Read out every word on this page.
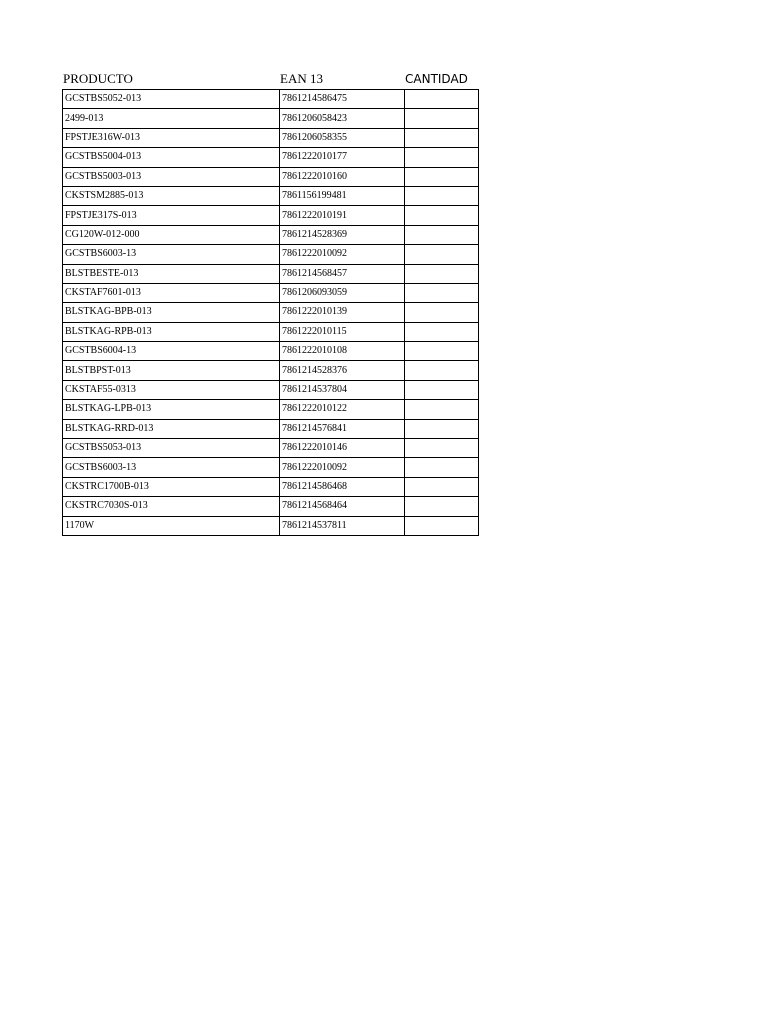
PRODUCTO	EAN 13	CANTIDAD
GCSTBS5052-013	7861214586475	
2499-013	7861206058423	
FPSTJE316W-013	7861206058355	
GCSTBS5004-013	7861222010177	
GCSTBS5003-013	7861222010160	
CKSTSM2885-013	7861156199481	
FPSTJE317S-013	7861222010191	
CG120W-012-000	7861214528369	
GCSTBS6003-13	7861222010092	
BLSTBESTE-013	7861214568457	
CKSTAF7601-013	7861206093059	
BLSTKAG-BPB-013	7861222010139	
BLSTKAG-RPB-013	7861222010115	
GCSTBS6004-13	7861222010108	
BLSTBPST-013	7861214528376	
CKSTAF55-0313	7861214537804	
BLSTKAG-LPB-013	7861222010122	
BLSTKAG-RRD-013	7861214576841	
GCSTBS5053-013	7861222010146	
GCSTBS6003-13	7861222010092	
CKSTRC1700B-013	7861214586468	
CKSTRC7030S-013	7861214568464	
1170W	7861214537811	
